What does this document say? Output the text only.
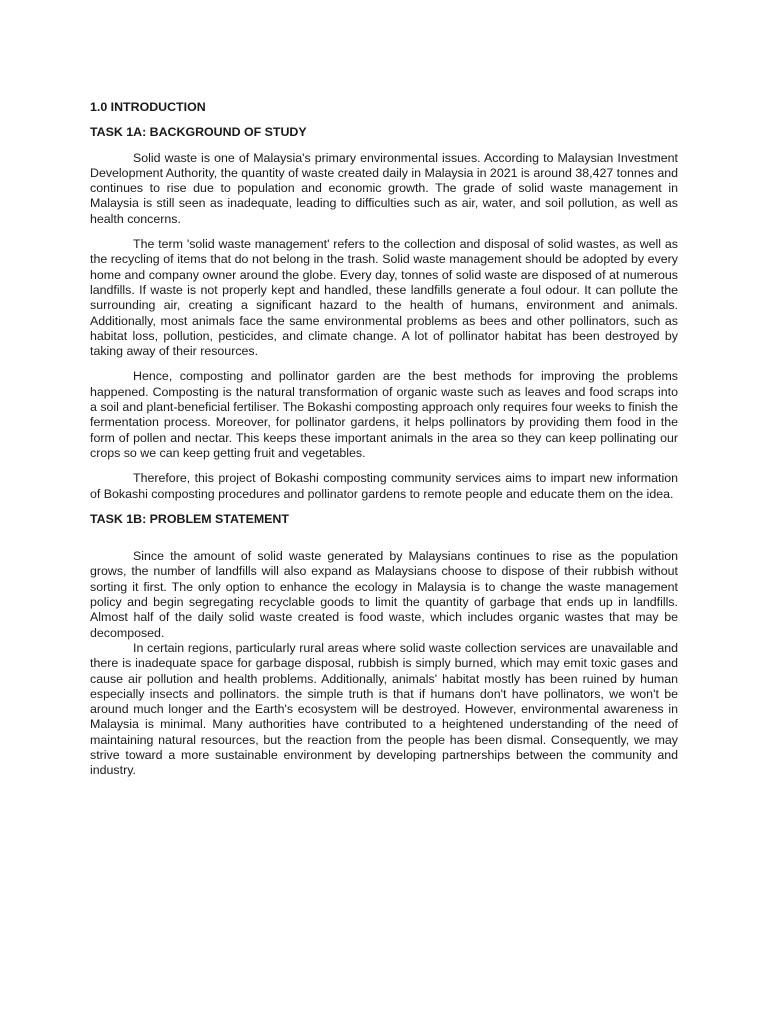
1.0 INTRODUCTION
TASK 1A: BACKGROUND OF STUDY

Solid waste is one of Malaysia's primary environmental issues. According to Malaysian Investment Development Authority, the quantity of waste created daily in Malaysia in 2021 is around 38,427 tonnes and continues to rise due to population and economic growth. The grade of solid waste management in Malaysia is still seen as inadequate, leading to difficulties such as air, water, and soil pollution, as well as health concerns.

The term 'solid waste management' refers to the collection and disposal of solid wastes, as well as the recycling of items that do not belong in the trash. Solid waste management should be adopted by every home and company owner around the globe. Every day, tonnes of solid waste are disposed of at numerous landfills. If waste is not properly kept and handled, these landfills generate a foul odour. It can pollute the surrounding air, creating a significant hazard to the health of humans, environment and animals. Additionally, most animals face the same environmental problems as bees and other pollinators, such as habitat loss, pollution, pesticides, and climate change. A lot of pollinator habitat has been destroyed by taking away of their resources.

Hence, composting and pollinator garden are the best methods for improving the problems happened. Composting is the natural transformation of organic waste such as leaves and food scraps into a soil and plant-beneficial fertiliser. The Bokashi composting approach only requires four weeks to finish the fermentation process. Moreover, for pollinator gardens, it helps pollinators by providing them food in the form of pollen and nectar. This keeps these important animals in the area so they can keep pollinating our crops so we can keep getting fruit and vegetables.

Therefore, this project of Bokashi composting community services aims to impart new information of Bokashi composting procedures and pollinator gardens to remote people and educate them on the idea.

TASK 1B: PROBLEM STATEMENT

Since the amount of solid waste generated by Malaysians continues to rise as the population grows, the number of landfills will also expand as Malaysians choose to dispose of their rubbish without sorting it first. The only option to enhance the ecology in Malaysia is to change the waste management policy and begin segregating recyclable goods to limit the quantity of garbage that ends up in landfills. Almost half of the daily solid waste created is food waste, which includes organic wastes that may be decomposed.

In certain regions, particularly rural areas where solid waste collection services are unavailable and there is inadequate space for garbage disposal, rubbish is simply burned, which may emit toxic gases and cause air pollution and health problems. Additionally, animals' habitat mostly has been ruined by human especially insects and pollinators. the simple truth is that if humans don't have pollinators, we won't be around much longer and the Earth's ecosystem will be destroyed. However, environmental awareness in Malaysia is minimal. Many authorities have contributed to a heightened understanding of the need of maintaining natural resources, but the reaction from the people has been dismal. Consequently, we may strive toward a more sustainable environment by developing partnerships between the community and industry.
